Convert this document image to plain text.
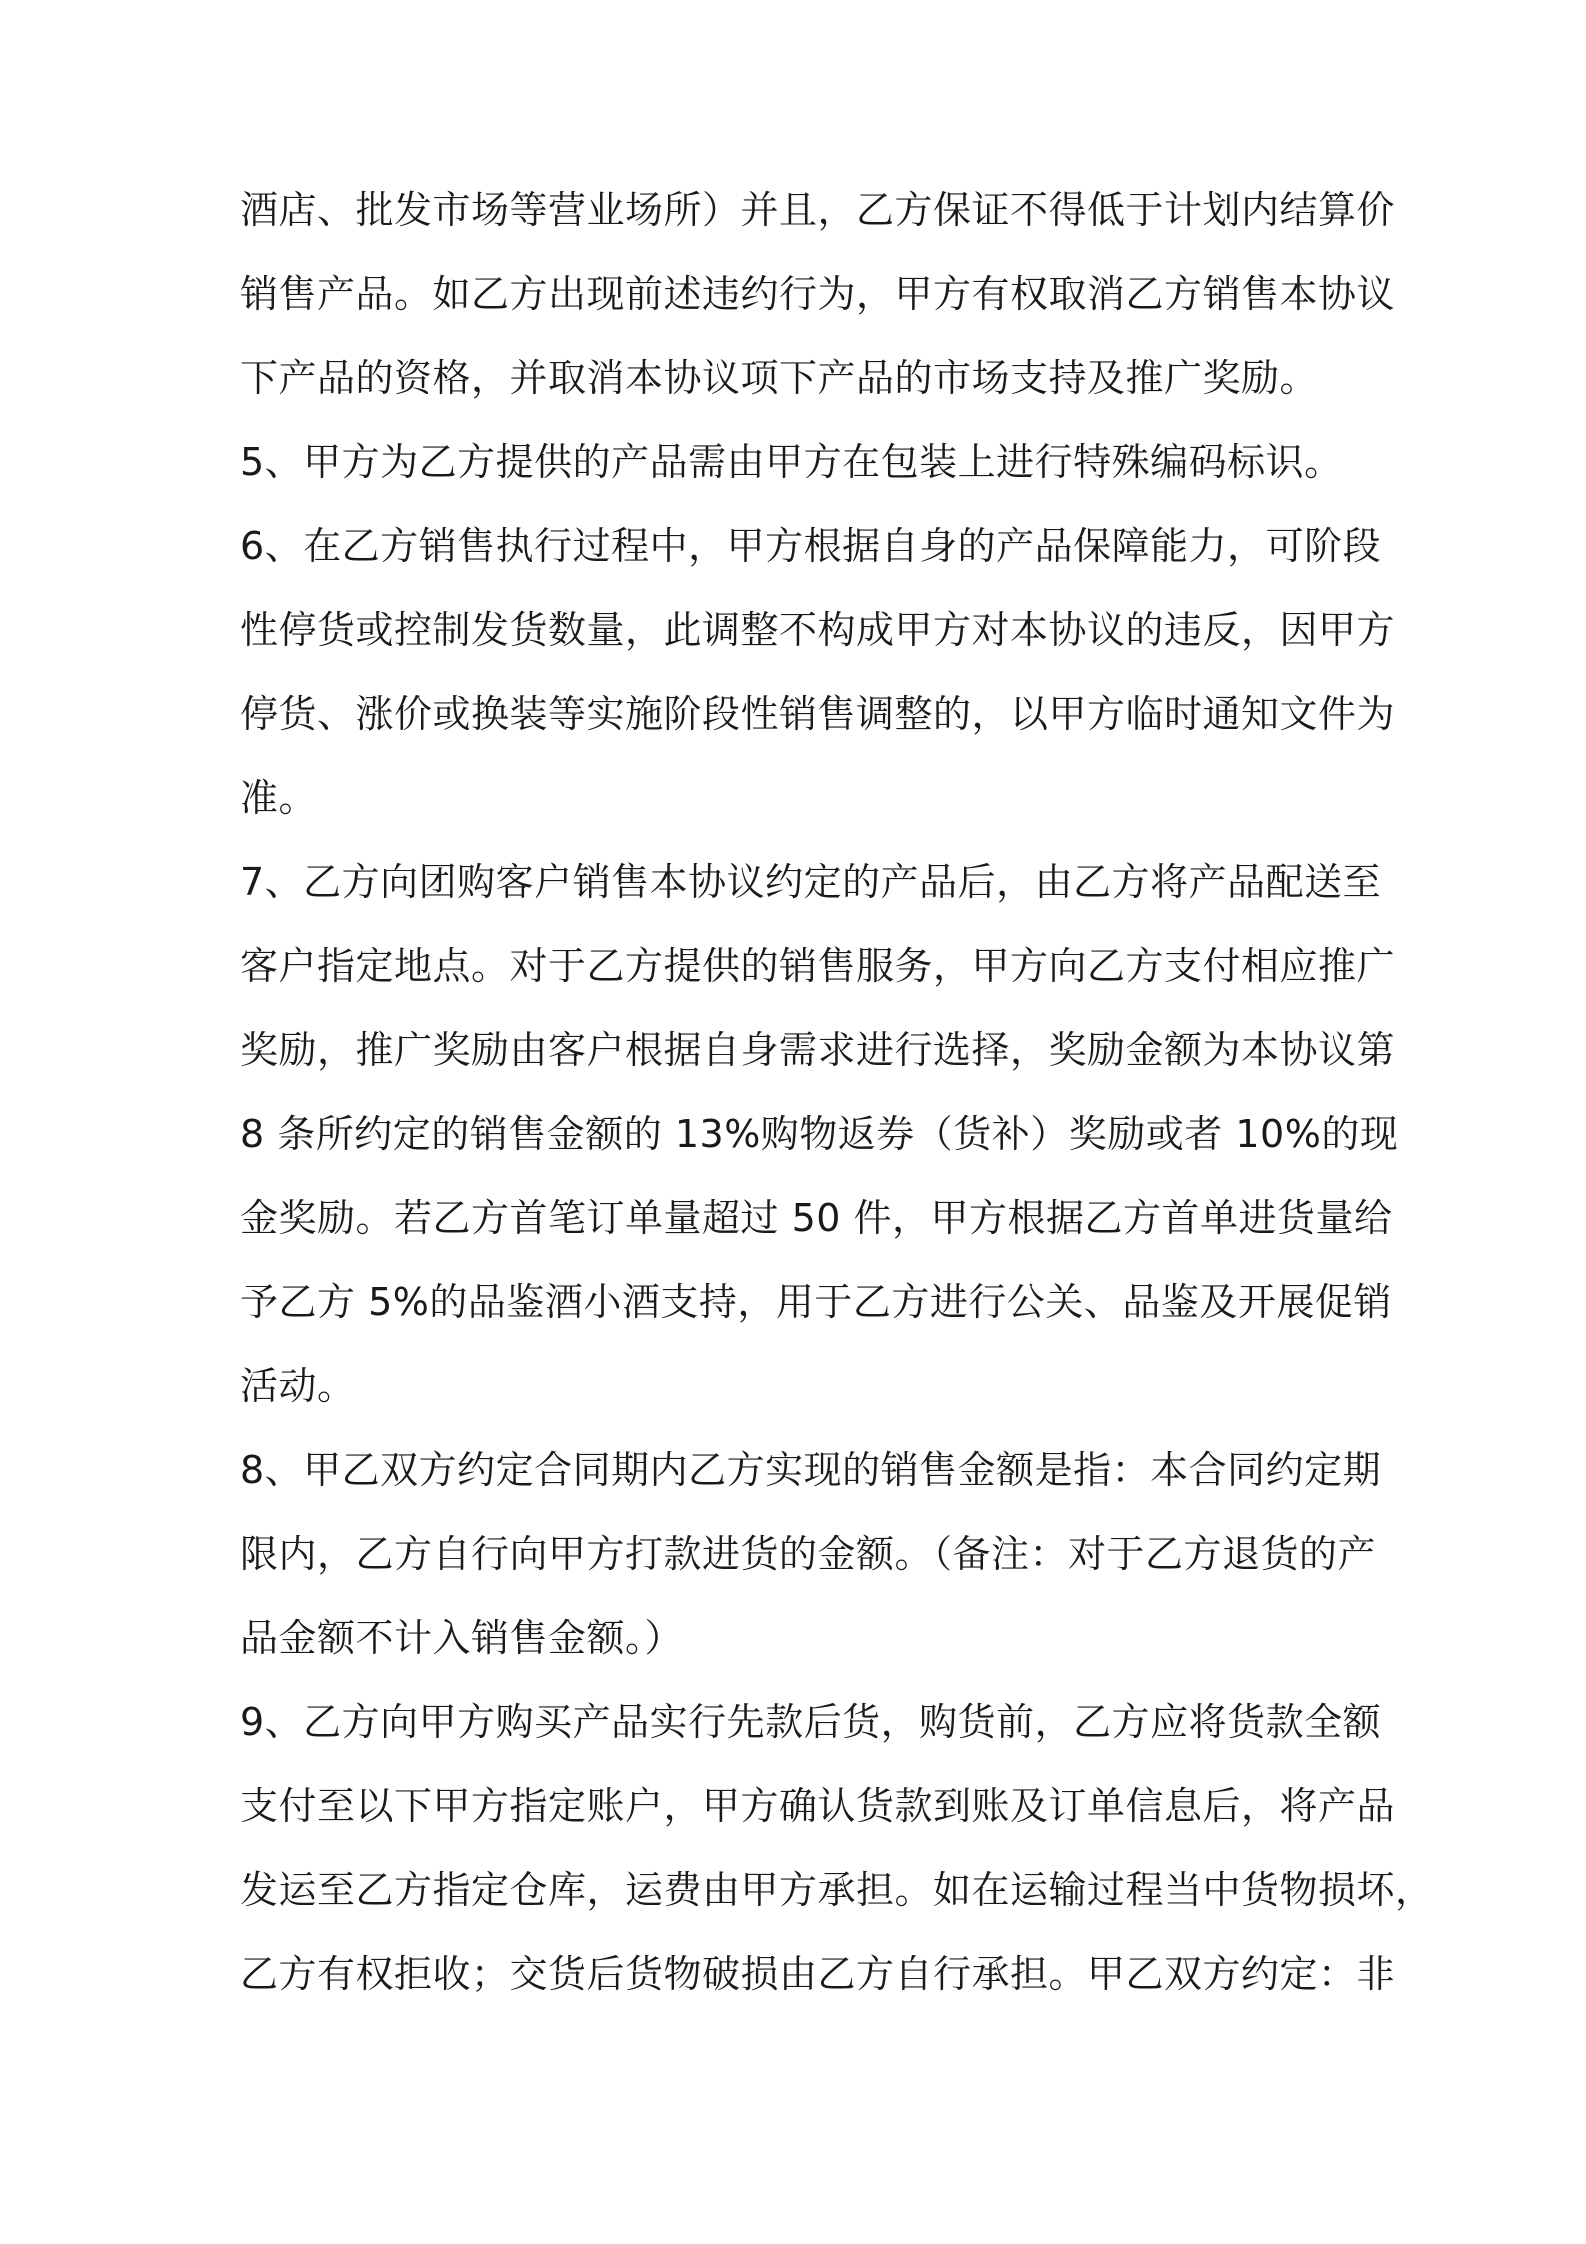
酒店、批发市场等营业场所）并且，乙方保证不得低于计划内结算价
销售产品。如乙方出现前述违约行为，甲方有权取消乙方销售本协议
下产品的资格，并取消本协议项下产品的市场支持及推广奖励。
5、甲方为乙方提供的产品需由甲方在包装上进行特殊编码标识。
6、在乙方销售执行过程中，甲方根据自身的产品保障能力，可阶段
性停货或控制发货数量，此调整不构成甲方对本协议的违反，因甲方
停货、涨价或换装等实施阶段性销售调整的，以甲方临时通知文件为
准。
7、乙方向团购客户销售本协议约定的产品后，由乙方将产品配送至
客户指定地点。对于乙方提供的销售服务，甲方向乙方支付相应推广
奖励，推广奖励由客户根据自身需求进行选择，奖励金额为本协议第
8 条所约定的销售金额的 13%购物返券（货补）奖励或者 10%的现
金奖励。若乙方首笔订单量超过 50 件，甲方根据乙方首单进货量给
予乙方 5%的品鉴酒小酒支持，用于乙方进行公关、品鉴及开展促销
活动。
8、甲乙双方约定合同期内乙方实现的销售金额是指：本合同约定期
限内，乙方自行向甲方打款进货的金额。（备注：对于乙方退货的产
品金额不计入销售金额。）
9、乙方向甲方购买产品实行先款后货，购货前，乙方应将货款全额
支付至以下甲方指定账户，甲方确认货款到账及订单信息后，将产品
发运至乙方指定仓库，运费由甲方承担。如在运输过程当中货物损坏，
乙方有权拒收；交货后货物破损由乙方自行承担。甲乙双方约定：非
